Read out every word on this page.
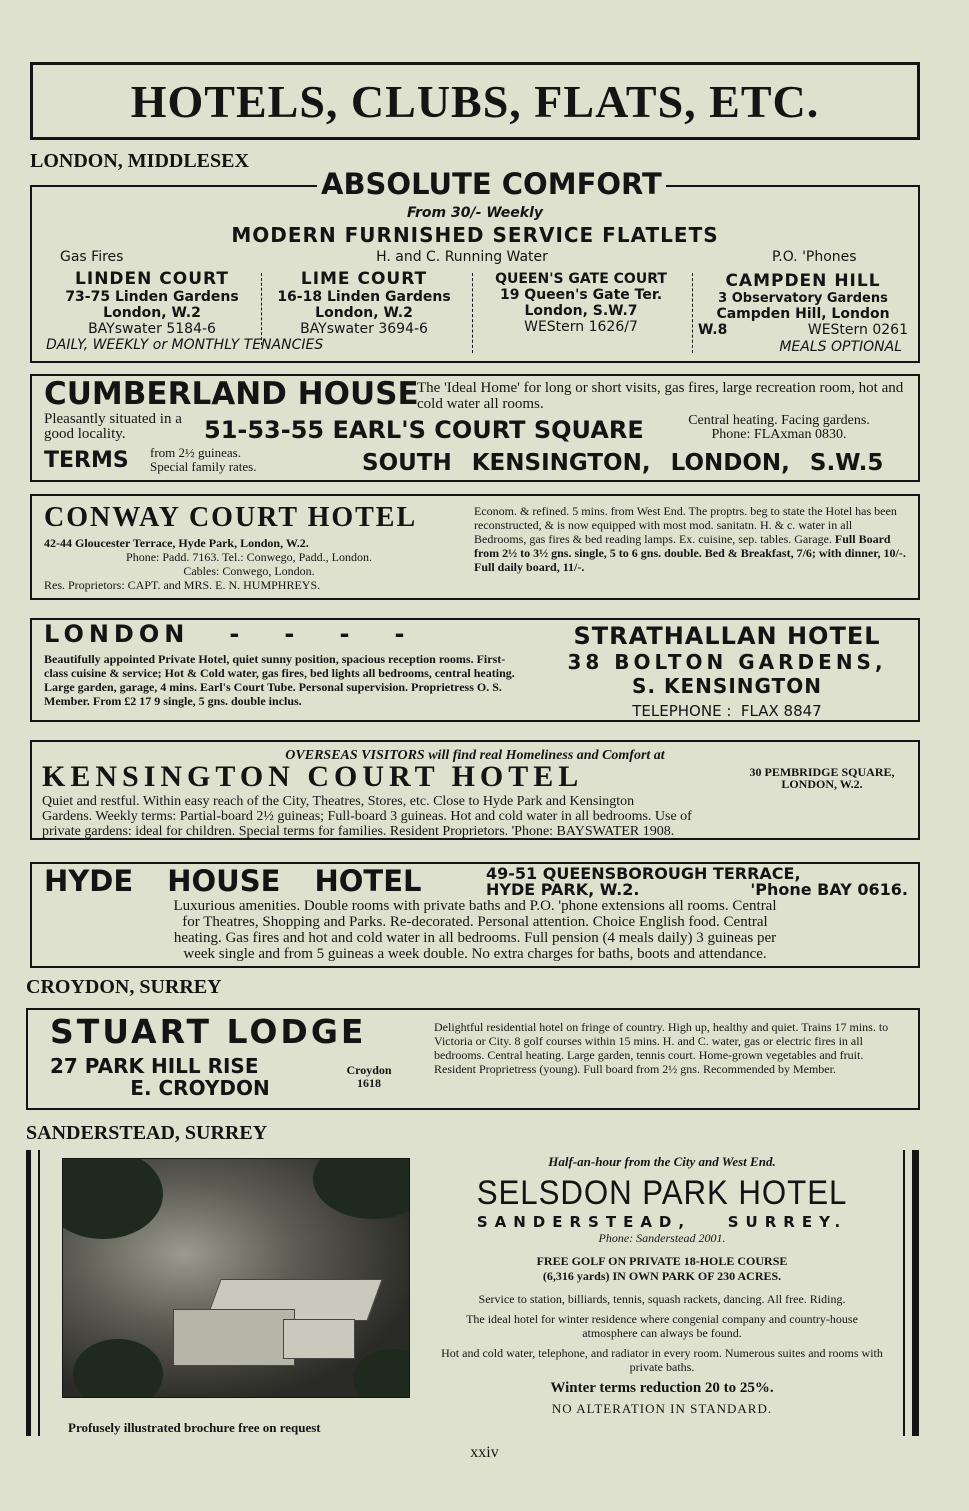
HOTELS, CLUBS, FLATS, ETC.
LONDON, MIDDLESEX
ABSOLUTE COMFORT
From 30/- Weekly
MODERN FURNISHED SERVICE FLATLETS
Gas Fires	H. and C. Running Water	P.O. 'Phones
LINDEN COURT
73-75 Linden Gardens
London, W.2
BAYswater 5184-6
LIME COURT
16-18 Linden Gardens
London, W.2
BAYswater 3694-6
QUEEN'S GATE COURT
19 Queen's Gate Ter.
London, S.W.7
WEStern 1626/7
CAMPDEN HILL
3 Observatory Gardens
Campden Hill, London
W.8	WEStern 0261
DAILY, WEEKLY or MONTHLY TENANCIES	MEALS OPTIONAL
CUMBERLAND HOUSE
The 'Ideal Home' for long or short visits, gas fires, large recreation room, hot and cold water all rooms.
Pleasantly situated in a good locality.	51-53-55 EARL'S COURT SQUARE	Central heating. Facing gardens.
Phone: FLAxman 0830.
TERMS from 2½ guineas.
Special family rates.	SOUTH KENSINGTON, LONDON, S.W.5
CONWAY COURT HOTEL
42-44 Gloucester Terrace, Hyde Park, London, W.2.
Phone: Padd. 7163. Tel.: Conwego, Padd., London.
Cables: Conwego, London.
Res. Proprietors: CAPT. and MRS. E. N. HUMPHREYS.
Econom. & refined. 5 mins. from West End. The proptrs. beg to state the Hotel has been reconstructed, & is now equipped with most mod. sanitatn. H. & c. water in all Bedrooms, gas fires & bed reading lamps. Ex. cuisine, sep. tables. Garage. Full Board from 2½ to 3½ gns. single, 5 to 6 gns. double. Bed & Breakfast, 7/6; with dinner, 10/-. Full daily board, 11/-.
LONDON   -   -   -   -
Beautifully appointed Private Hotel, quiet sunny position, spacious reception rooms. First-class cuisine & service; Hot & Cold water, gas fires, bed lights all bedrooms, central heating. Large garden, garage, 4 mins. Earl's Court Tube. Personal supervision. Proprietress O. S. Member. From £2 17 9 single, 5 gns. double inclus.
STRATHALLAN HOTEL
38 BOLTON GARDENS,
S. KENSINGTON
TELEPHONE :  FLAX 8847
OVERSEAS VISITORS will find real Homeliness and Comfort at
KENSINGTON COURT HOTEL	30 PEMBRIDGE SQUARE, LONDON, W.2.
Quiet and restful. Within easy reach of the City, Theatres, Stores, etc. Close to Hyde Park and Kensington
Gardens. Weekly terms: Partial-board 2½ guineas; Full-board 3 guineas. Hot and cold water in all bedrooms. Use of
private gardens: ideal for children. Special terms for families. Resident Proprietors. 'Phone: BAYSWATER 1908.
HYDE HOUSE HOTEL	49-51 QUEENSBOROUGH TERRACE,
HYDE PARK, W.2.	'Phone BAY 0616.
Luxurious amenities. Double rooms with private baths and P.O. 'phone extensions all rooms. Central
for Theatres, Shopping and Parks. Re-decorated. Personal attention. Choice English food. Central
heating. Gas fires and hot and cold water in all bedrooms. Full pension (4 meals daily) 3 guineas per
week single and from 5 guineas a week double. No extra charges for baths, boots and attendance.
CROYDON, SURREY
STUART LODGE
27 PARK HILL RISE
E. CROYDON
Croydon
1618
Delightful residential hotel on fringe of country. High up, healthy and quiet. Trains 17 mins. to Victoria or City. 8 golf courses within 15 mins. H. and C. water, gas or electric fires in all bedrooms. Central heating. Large garden, tennis court. Home-grown vegetables and fruit. Resident Proprietress (young). Full board from 2½ gns. Recommended by Member.
SANDERSTEAD, SURREY
Profusely illustrated brochure free on request
Half-an-hour from the City and West End.
SELSDON PARK HOTEL
SANDERSTEAD,   SURREY.
Phone: Sanderstead 2001.
FREE GOLF ON PRIVATE 18-HOLE COURSE
(6,316 yards) IN OWN PARK OF 230 ACRES.
Service to station, billiards, tennis, squash rackets, dancing. All free. Riding.
The ideal hotel for winter residence where congenial company and country-house atmosphere can always be found.
Hot and cold water, telephone, and radiator in every room. Numerous suites and rooms with private baths.
Winter terms reduction 20 to 25%.
NO ALTERATION IN STANDARD.
xxiv
